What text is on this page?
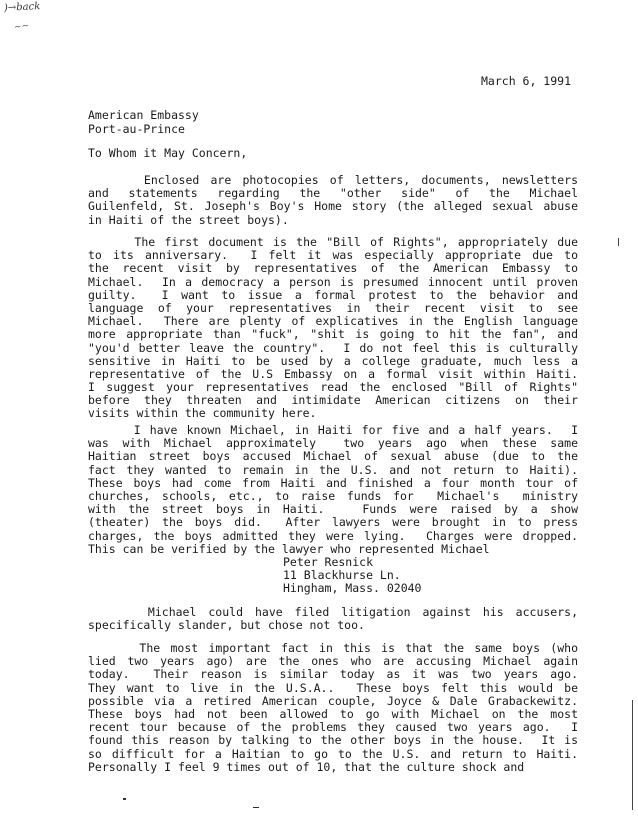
)→back
~~
March 6, 1991
American Embassy
Port-au-Prince
To Whom it May Concern,
Enclosed are photocopies of letters, documents, newsletters
and statements regarding the "other side" of the Michael
Guilenfeld, St. Joseph's Boy's Home story (the alleged sexual abuse
in Haiti of the street boys).
The first document is the "Bill of Rights", appropriately due
to its anniversary.  I felt it was especially appropriate due to
the recent visit by representatives of the American Embassy to
Michael.  In a democracy a person is presumed innocent until proven
guilty.  I want to issue a formal protest to the behavior and
language of your representatives in their recent visit to see
Michael.  There are plenty of explicatives in the English language
more appropriate than "fuck", "shit is going to hit the fan", and
"you'd better leave the country".  I do not feel this is culturally
sensitive in Haiti to be used by a college graduate, much less a
representative of the U.S Embassy on a formal visit within Haiti.
I suggest your representatives read the enclosed "Bill of Rights"
before they threaten and intimidate American citizens on their
visits within the community here.
I have known Michael, in Haiti for five and a half years.  I
was with Michael approximately  two years ago when these same
Haitian street boys accused Michael of sexual abuse (due to the
fact they wanted to remain in the U.S. and not return to Haiti).
These boys had come from Haiti and finished a four month tour of
churches, schools, etc., to raise funds for  Michael's  ministry
with the street boys in Haiti.   Funds were raised by a show
(theater) the boys did.  After lawyers were brought in to press
charges, the boys admitted they were lying.  Charges were dropped.
This can be verified by the lawyer who represented Michael
Peter Resnick
11 Blackhurse Ln.
Hingham, Mass. 02040
Michael could have filed litigation against his accusers,
specifically slander, but chose not too.
The most important fact in this is that the same boys (who
lied two years ago) are the ones who are accusing Michael again
today.  Their reason is similar today as it was two years ago.
They want to live in the U.S.A..  These boys felt this would be
possible via a retired American couple, Joyce & Dale Grabackewitz.
These boys had not been allowed to go with Michael on the most
recent tour because of the problems they caused two years ago.  I
found this reason by talking to the other boys in the house.  It is
so difficult for a Haitian to go to the U.S. and return to Haiti.
Personally I feel 9 times out of 10, that the culture shock and
